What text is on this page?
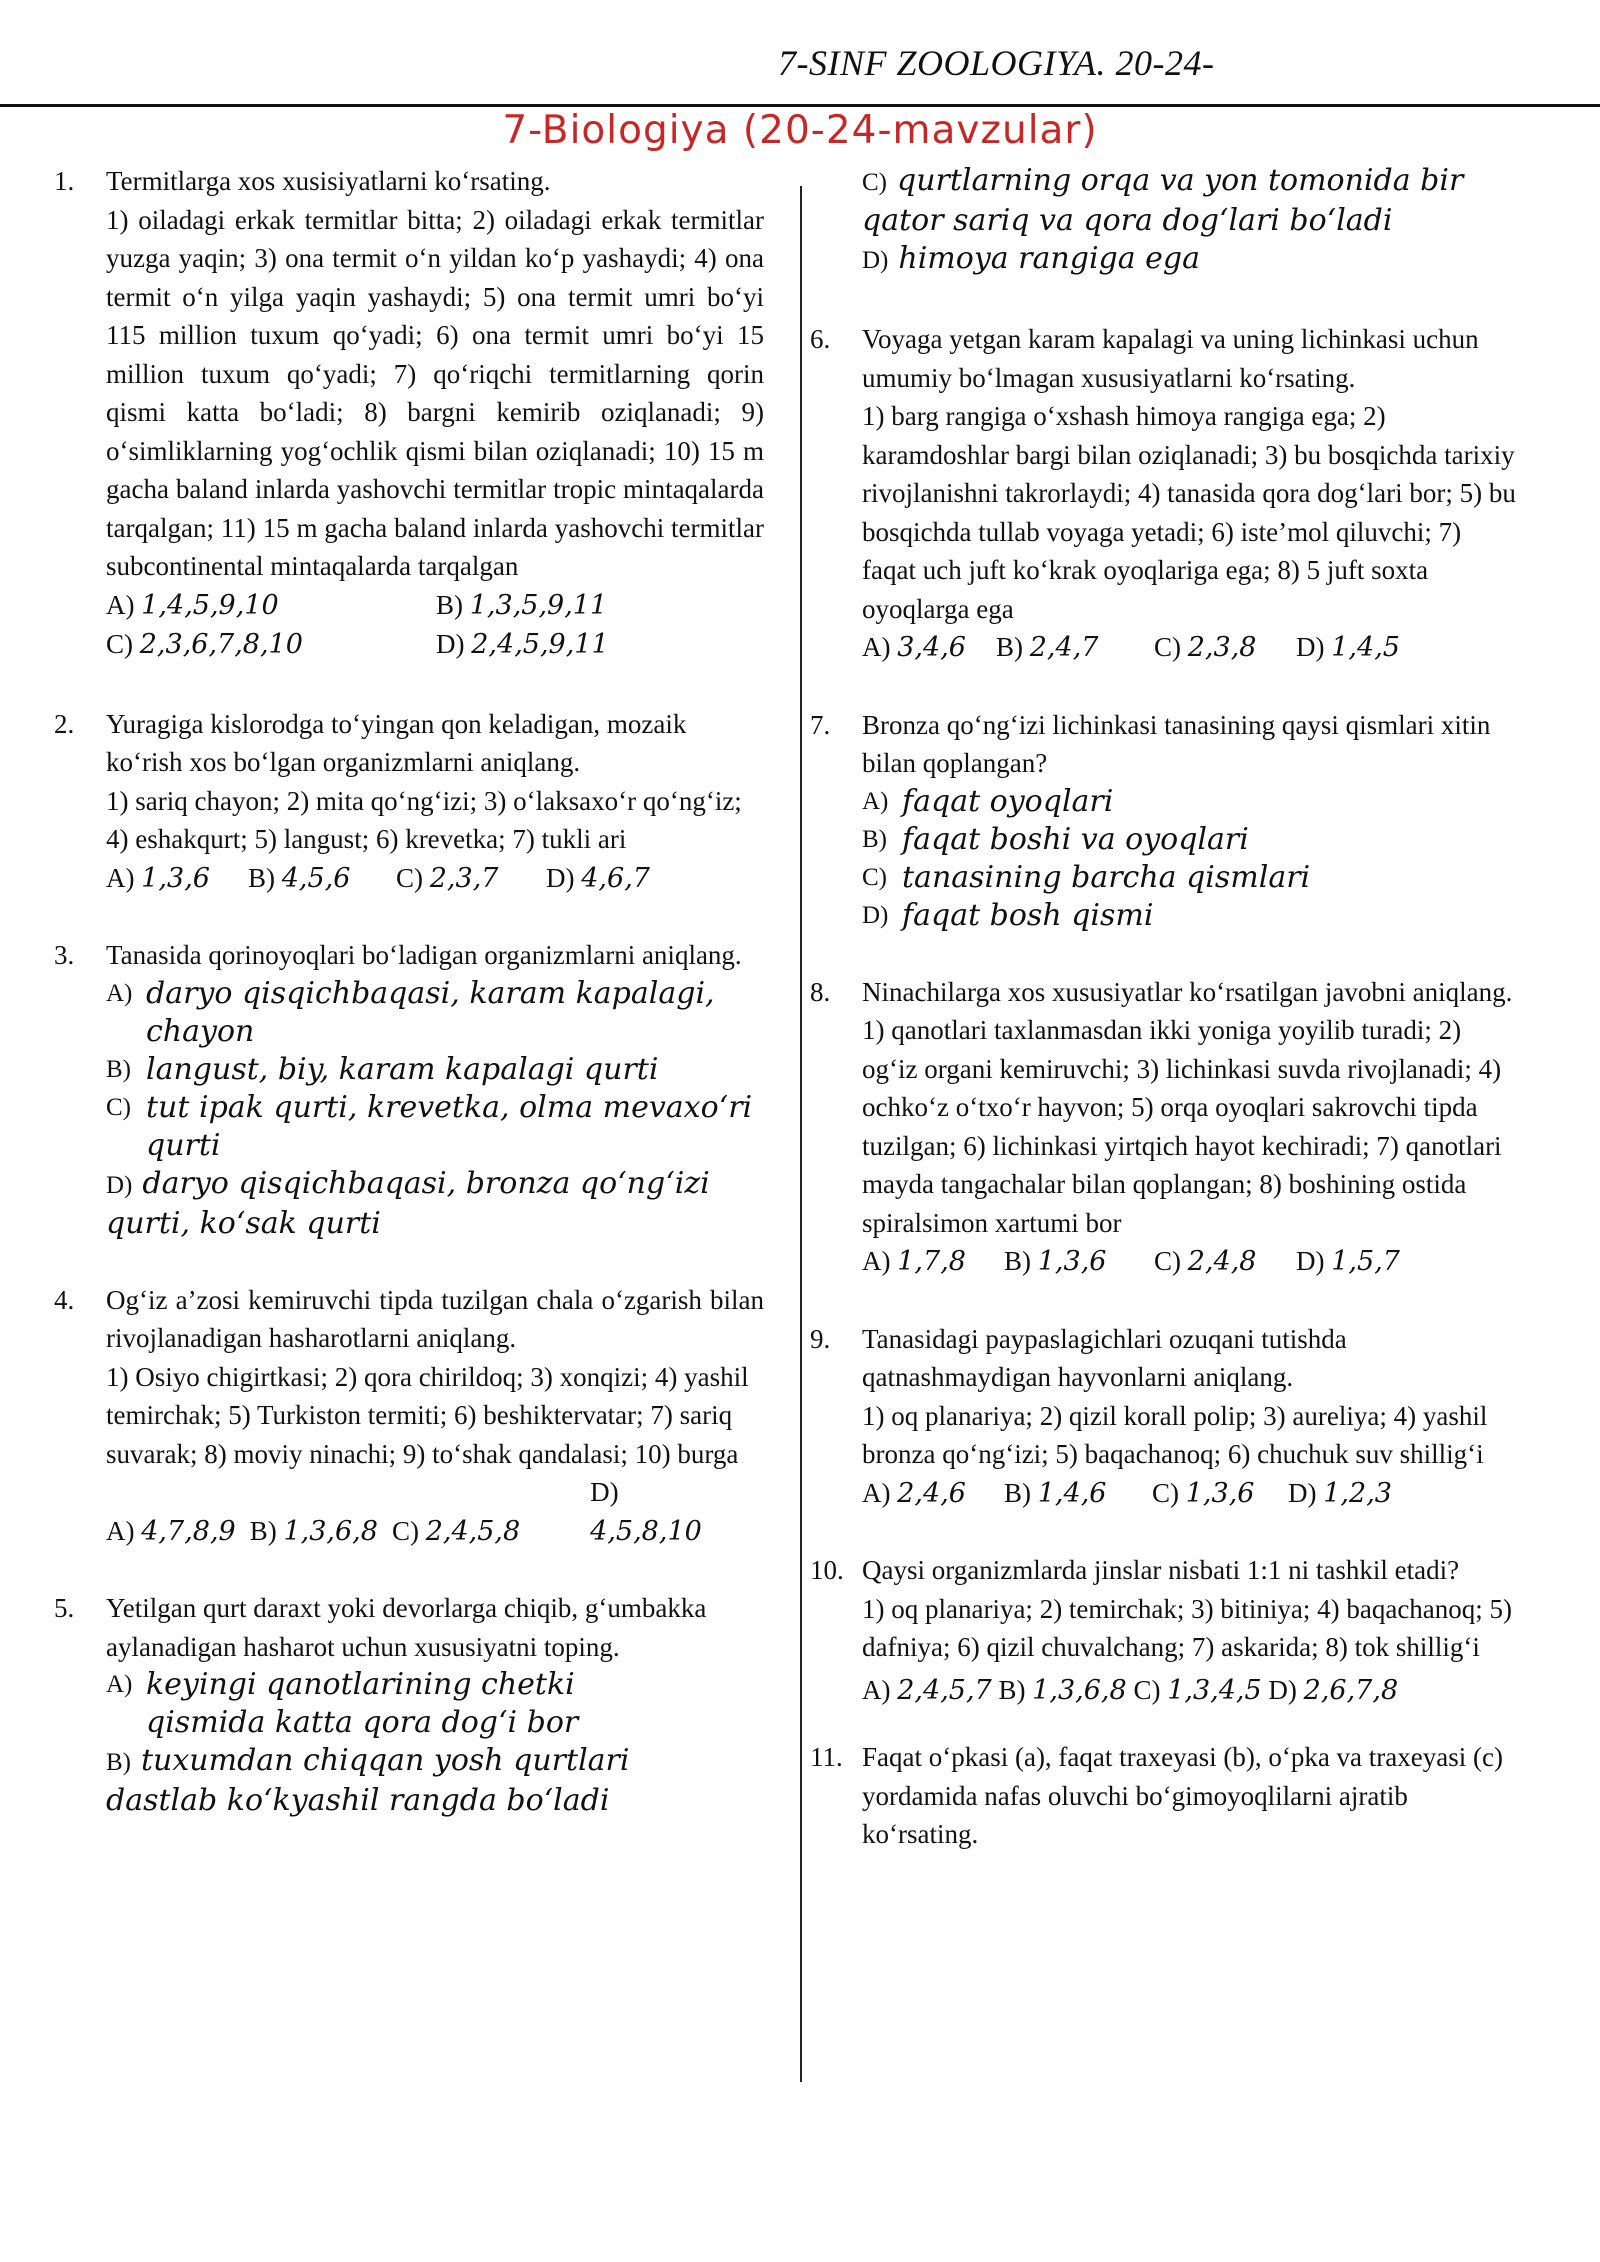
7-SINF ZOOLOGIYA. 20-24-
7-Biologiya (20-24-mavzular)
1. Termitlarga xos xusisiyatlarni ko‘rsating.
1) oiladagi erkak termitlar bitta; 2) oiladagi erkak termitlar yuzga yaqin; 3) ona termit o‘n yildan ko‘p yashaydi; 4) ona termit o‘n yilga yaqin yashaydi; 5) ona termit umri bo‘yi 115 million tuxum qo‘yadi; 6) ona termit umri bo‘yi 15 million tuxum qo‘yadi; 7) qo‘riqchi termitlarning qorin qismi katta bo‘ladi; 8) bargni kemirib oziqlanadi; 9) o‘simliklarning yog‘ochlik qismi bilan oziqlanadi; 10) 15 m gacha baland inlarda yashovchi termitlar tropic mintaqalarda tarqalgan; 11) 15 m gacha baland inlarda yashovchi termitlar subcontinental mintaqalarda tarqalgan
A) 1,4,5,9,10	B) 1,3,5,9,11
C) 2,3,6,7,8,10	D) 2,4,5,9,11
2. Yuragiga kislorodga to‘yingan qon keladigan, mozaik ko‘rish xos bo‘lgan organizmlarni aniqlang.
1) sariq chayon; 2) mita qo‘ng‘izi; 3) o‘laksaxo‘r qo‘ng‘iz; 4) eshakqurt; 5) langust; 6) krevetka; 7) tukli ari
A) 1,3,6 B) 4,5,6 C) 2,3,7 D) 4,6,7
3. Tanasida qorinoyoqlari bo‘ladigan organizmlarni aniqlang.
A) daryo qisqichbaqasi, karam kapalagi, chayon
B) langust, biy, karam kapalagi qurti
C) tut ipak qurti, krevetka, olma mevaxo‘ri qurti
D) daryo qisqichbaqasi, bronza qo‘ng‘izi qurti, ko‘sak qurti
4. Og‘iz a’zosi kemiruvchi tipda tuzilgan chala o‘zgarish bilan rivojlanadigan hasharotlarni aniqlang.
1) Osiyo chigirtkasi; 2) qora chirildoq; 3) xonqizi; 4) yashil temirchak; 5) Turkiston termiti; 6) beshiktervatar; 7) sariq suvarak; 8) moviy ninachi; 9) to‘shak qandalasi; 10) burga
A) 4,7,8,9 B) 1,3,6,8 C) 2,4,5,8D)
4,5,8,10
5. Yetilgan qurt daraxt yoki devorlarga chiqib, g‘umbakka aylanadigan hasharot uchun xususiyatni toping.
A) keyingi qanotlarining chetki qismida katta qora dog‘i bor
B) tuxumdan chiqqan yosh qurtlari dastlab ko‘kyashil rangda bo‘ladi
C) qurtlarning orqa va yon tomonida bir qator sariq va qora dog‘lari bo‘ladi
D) himoya rangiga ega
6. Voyaga yetgan karam kapalagi va uning lichinkasi uchun umumiy bo‘lmagan xususiyatlarni ko‘rsating.
1) barg rangiga o‘xshash himoya rangiga ega; 2) karamdoshlar bargi bilan oziqlanadi; 3) bu bosqichda tarixiy rivojlanishni takrorlaydi; 4) tanasida qora dog‘lari bor; 5) bu bosqichda tullab voyaga yetadi; 6) iste’mol qiluvchi; 7) faqat uch juft ko‘krak oyoqlariga ega; 8) 5 juft soxta oyoqlarga ega
A) 3,4,6 B) 2,4,7 C) 2,3,8 D) 1,4,5
7. Bronza qo‘ng‘izi lichinkasi tanasining qaysi qismlari xitin bilan qoplangan?
A) faqat oyoqlari
B) faqat boshi va oyoqlari
C) tanasining barcha qismlari
D) faqat bosh qismi
8. Ninachilarga xos xususiyatlar ko‘rsatilgan javobni aniqlang.
1) qanotlari taxlanmasdan ikki yoniga yoyilib turadi; 2) og‘iz organi kemiruvchi; 3) lichinkasi suvda rivojlanadi; 4) ochko‘z o‘txo‘r hayvon; 5) orqa oyoqlari sakrovchi tipda tuzilgan; 6) lichinkasi yirtqich hayot kechiradi; 7) qanotlari mayda tangachalar bilan qoplangan; 8) boshining ostida spiralsimon xartumi bor
A) 1,7,8 B) 1,3,6 C) 2,4,8 D) 1,5,7
9. Tanasidagi paypaslagichlari ozuqani tutishda qatnashmaydigan hayvonlarni aniqlang.
1) oq planariya; 2) qizil korall polip; 3) aureliya; 4) yashil bronza qo‘ng‘izi; 5) baqachanoq; 6) chuchuk suv shillig‘i
A) 2,4,6 B) 1,4,6 C) 1,3,6 D) 1,2,3
10. Qaysi organizmlarda jinslar nisbati 1:1 ni tashkil etadi?
1) oq planariya; 2) temirchak; 3) bitiniya; 4) baqachanoq; 5) dafniya; 6) qizil chuvalchang; 7) askarida; 8) tok shillig‘i
A) 2,4,5,7 B) 1,3,6,8 C) 1,3,4,5 D) 2,6,7,8
11. Faqat o‘pkasi (a), faqat traxeyasi (b), o‘pka va traxeyasi (c) yordamida nafas oluvchi bo‘gimoyoqlilarni ajratib ko‘rsating.
